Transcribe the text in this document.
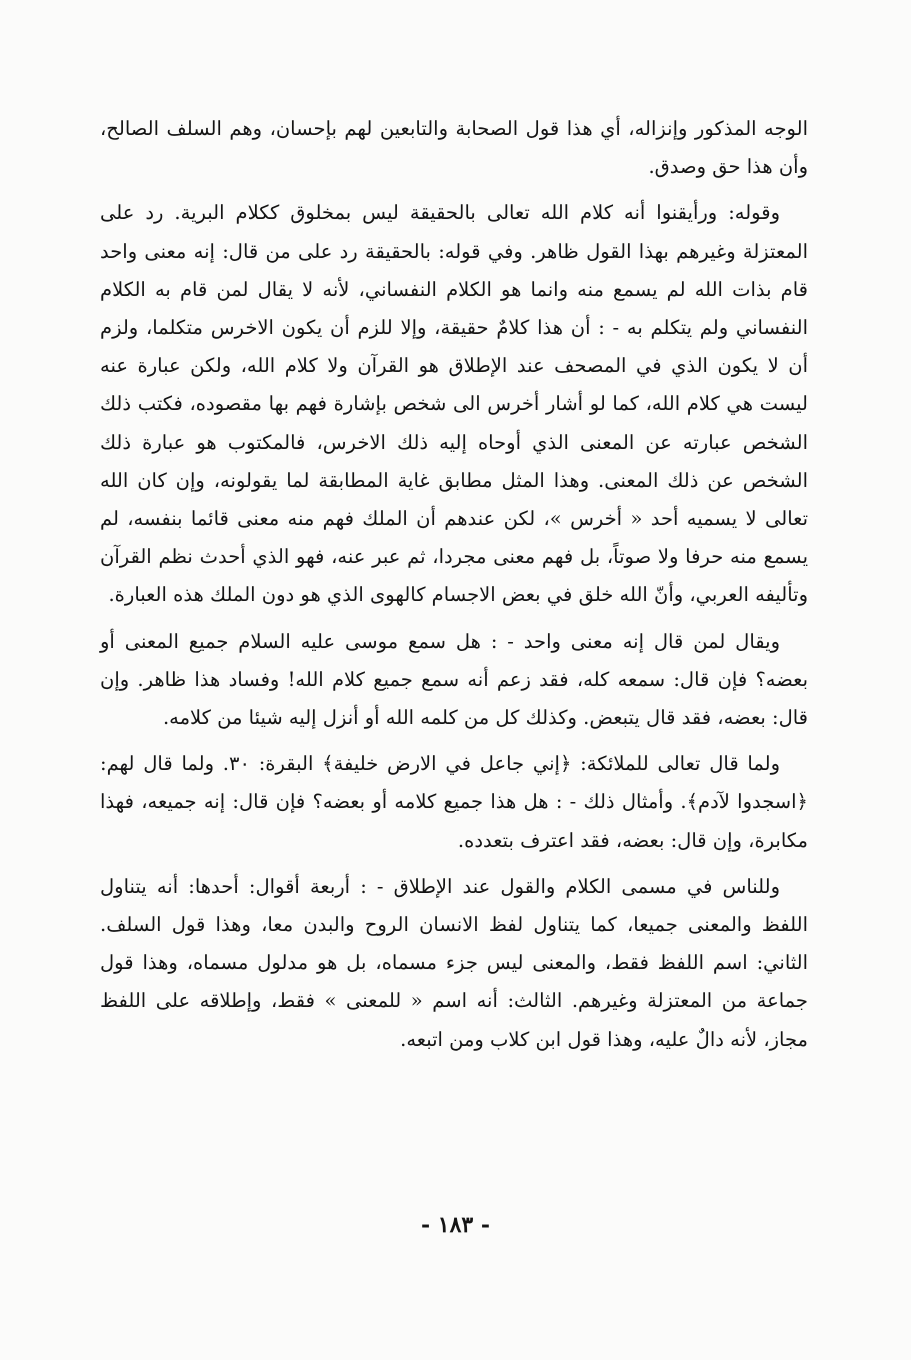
الوجه المذكور وإنزاله، أي هذا قول الصحابة والتابعين لهم بإحسان، وهم السلف الصالح، وأن هذا حق وصدق.

وقوله: ورأيقنوا أنه كلام الله تعالى بالحقيقة ليس بمخلوق ككلام البرية. رد على المعتزلة وغيرهم بهذا القول ظاهر. وفي قوله: بالحقيقة رد على من قال: إنه معنى واحد قام بذات الله لم يسمع منه وانما هو الكلام النفساني، لأنه لا يقال لمن قام به الكلام النفساني ولم يتكلم به - : أن هذا كلامٌ حقيقة، وإلا للزم أن يكون الاخرس متكلما، ولزم أن لا يكون الذي في المصحف عند الإطلاق هو القرآن ولا كلام الله، ولكن عبارة عنه ليست هي كلام الله، كما لو أشار أخرس الى شخص بإشارة فهم بها مقصوده، فكتب ذلك الشخص عبارته عن المعنى الذي أوحاه إليه ذلك الاخرس، فالمكتوب هو عبارة ذلك الشخص عن ذلك المعنى. وهذا المثل مطابق غاية المطابقة لما يقولونه، وإن كان الله تعالى لا يسميه أحد « أخرس »، لكن عندهم أن الملك فهم منه معنى قائما بنفسه، لم يسمع منه حرفا ولا صوتاً، بل فهم معنى مجردا، ثم عبر عنه، فهو الذي أحدث نظم القرآن وتأليفه العربي، وأنّ الله خلق في بعض الاجسام كالهوى الذي هو دون الملك هذه العبارة.

ويقال لمن قال إنه معنى واحد - : هل سمع موسى عليه السلام جميع المعنى أو بعضه؟ فإن قال: سمعه كله، فقد زعم أنه سمع جميع كلام الله! وفساد هذا ظاهر. وإن قال: بعضه، فقد قال يتبعض. وكذلك كل من كلمه الله أو أنزل إليه شيئا من كلامه.

ولما قال تعالى للملائكة: ﴿إني جاعل في الارض خليفة﴾ البقرة: ٣٠. ولما قال لهم: ﴿اسجدوا لآدم﴾. وأمثال ذلك - : هل هذا جميع كلامه أو بعضه؟ فإن قال: إنه جميعه، فهذا مكابرة، وإن قال: بعضه، فقد اعترف بتعدده.

وللناس في مسمى الكلام والقول عند الإطلاق - : أربعة أقوال: أحدها: أنه يتناول اللفظ والمعنى جميعا، كما يتناول لفظ الانسان الروح والبدن معا، وهذا قول السلف. الثاني: اسم اللفظ فقط، والمعنى ليس جزء مسماه، بل هو مدلول مسماه، وهذا قول جماعة من المعتزلة وغيرهم. الثالث: أنه اسم « للمعنى » فقط، وإطلاقه على اللفظ مجاز، لأنه دالٌ عليه، وهذا قول ابن كلاب ومن اتبعه.

- ١٨٣ -
